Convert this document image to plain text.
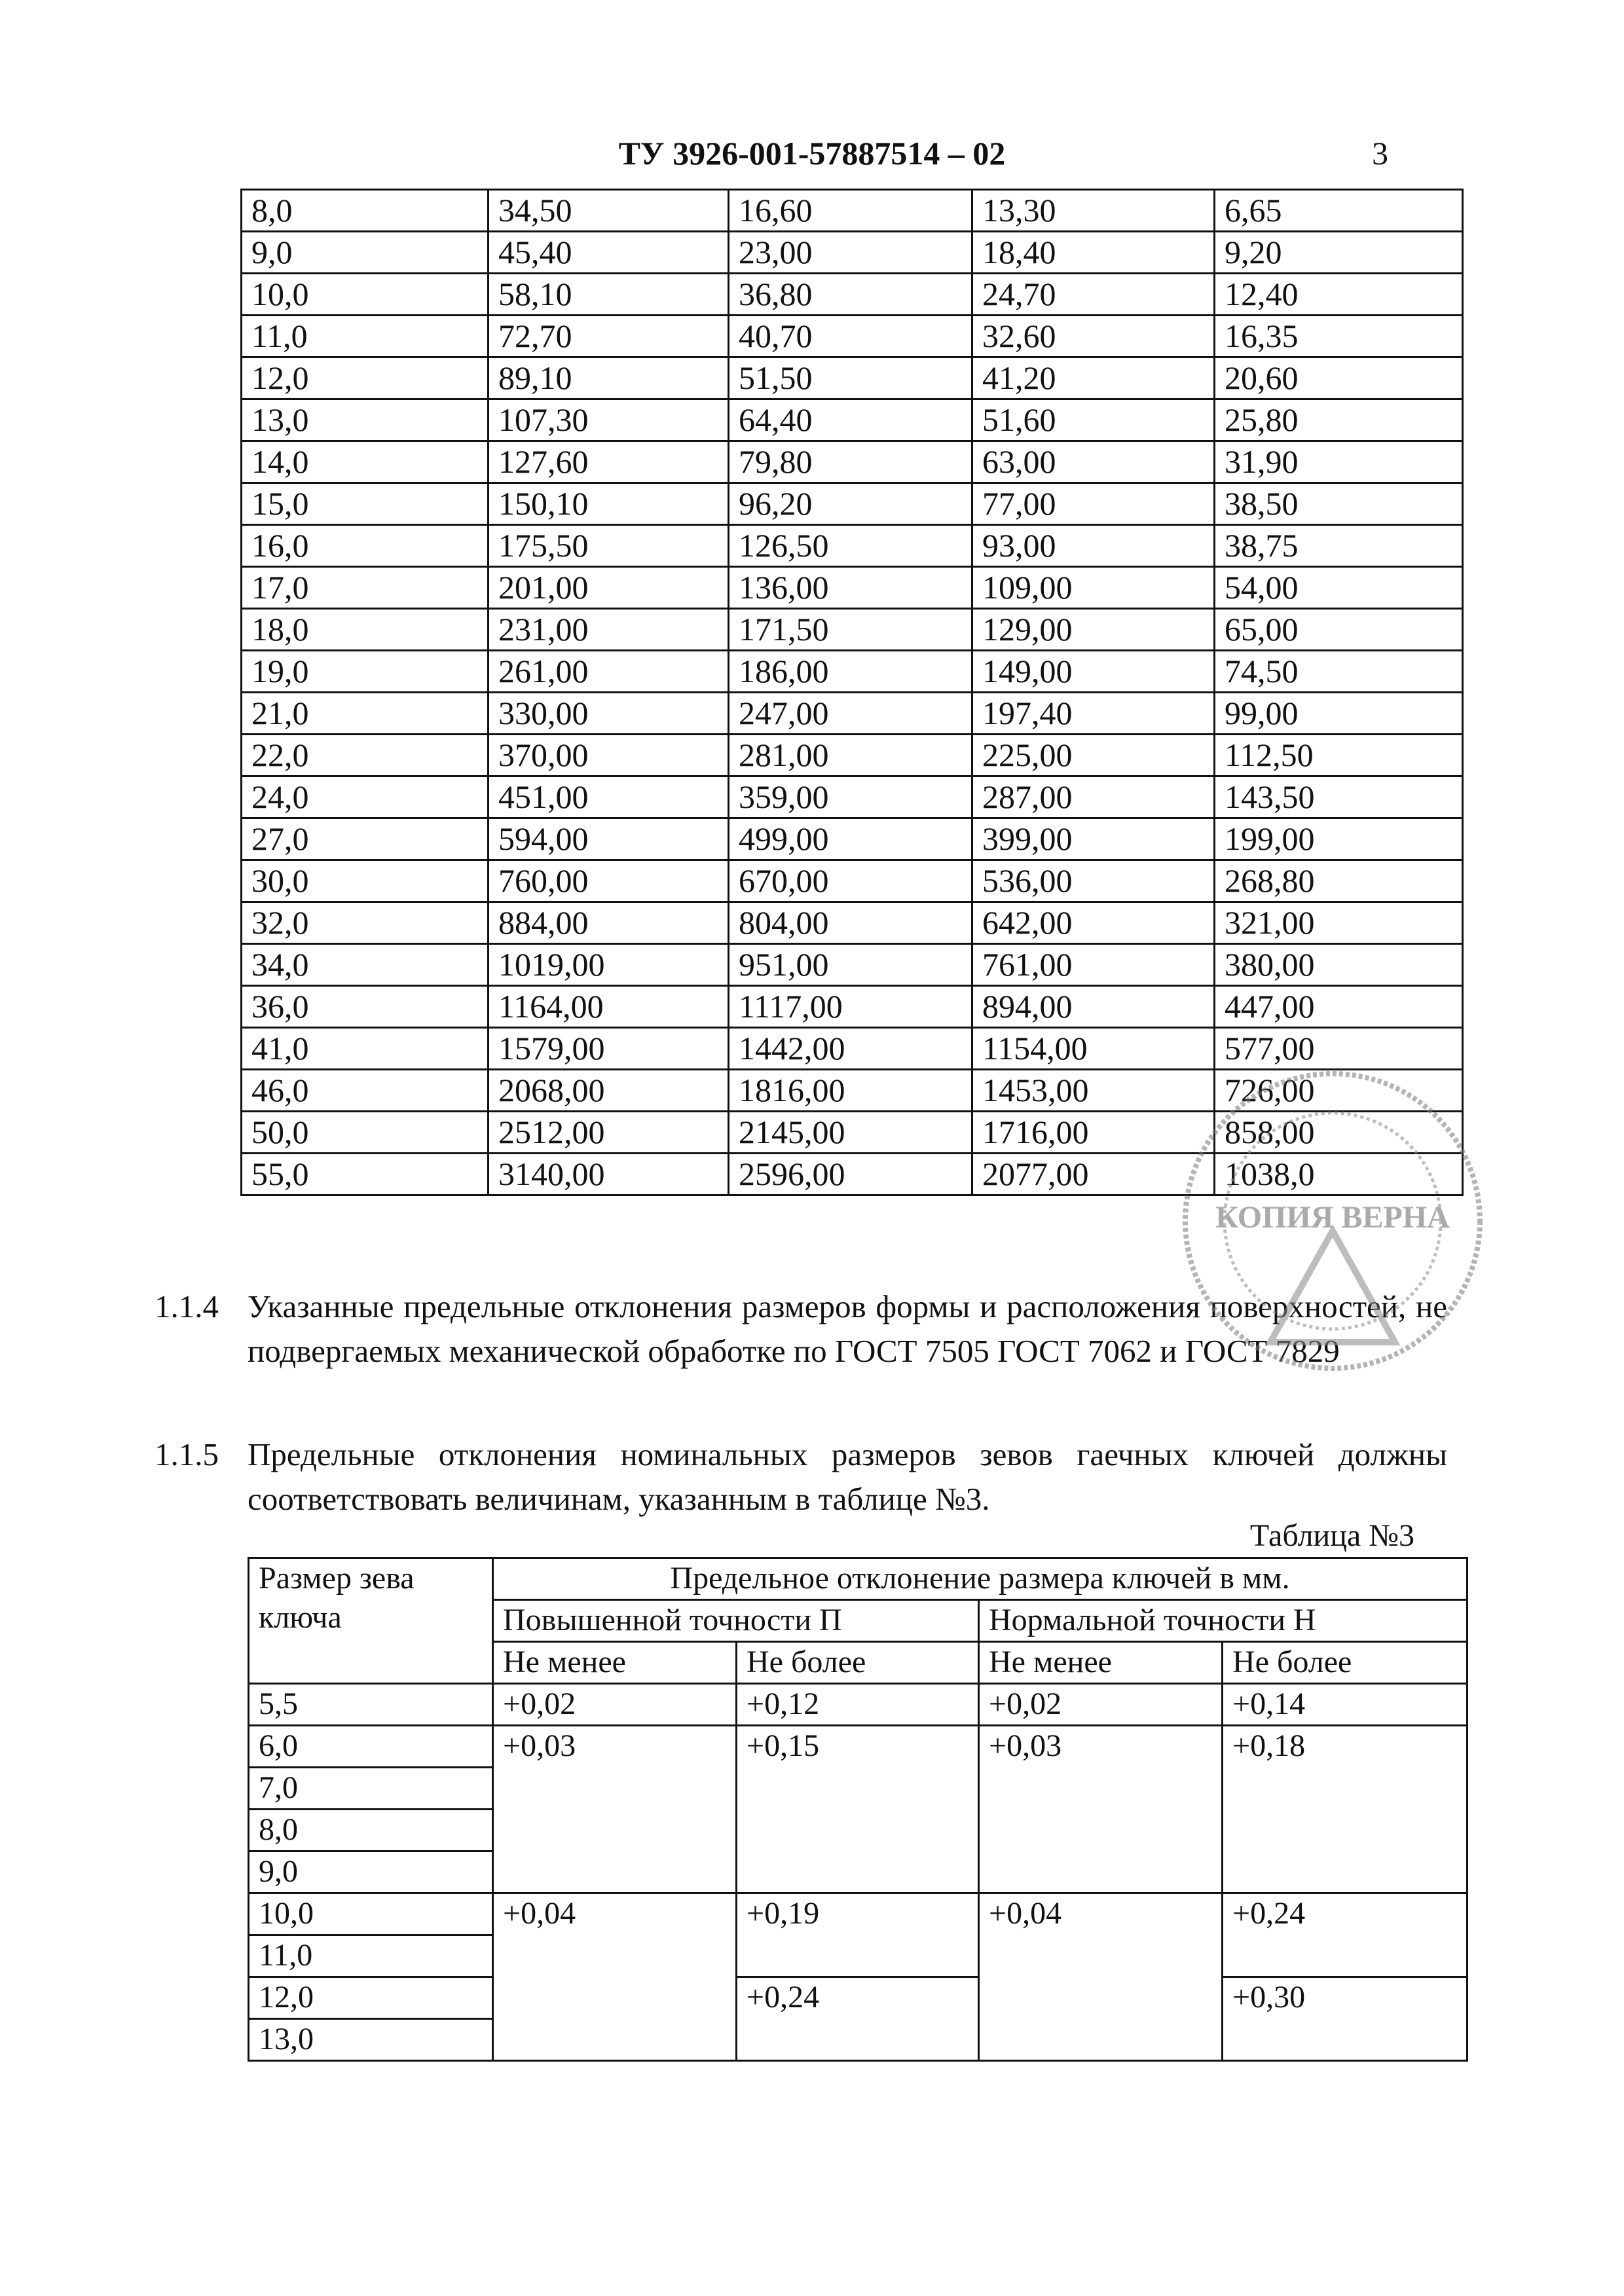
ТУ 3926-001-57887514 – 02	3
8,0	34,50	16,60	13,30	6,65
9,0	45,40	23,00	18,40	9,20
10,0	58,10	36,80	24,70	12,40
11,0	72,70	40,70	32,60	16,35
12,0	89,10	51,50	41,20	20,60
13,0	107,30	64,40	51,60	25,80
14,0	127,60	79,80	63,00	31,90
15,0	150,10	96,20	77,00	38,50
16,0	175,50	126,50	93,00	38,75
17,0	201,00	136,00	109,00	54,00
18,0	231,00	171,50	129,00	65,00
19,0	261,00	186,00	149,00	74,50
21,0	330,00	247,00	197,40	99,00
22,0	370,00	281,00	225,00	112,50
24,0	451,00	359,00	287,00	143,50
27,0	594,00	499,00	399,00	199,00
30,0	760,00	670,00	536,00	268,80
32,0	884,00	804,00	642,00	321,00
34,0	1019,00	951,00	761,00	380,00
36,0	1164,00	1117,00	894,00	447,00
41,0	1579,00	1442,00	1154,00	577,00
46,0	2068,00	1816,00	1453,00	726,00
50,0	2512,00	2145,00	1716,00	858,00
55,0	3140,00	2596,00	2077,00	1038,0
1.1.4 Указанные предельные отклонения размеров формы и расположения поверхностей, не подвергаемых механической обработке по ГОСТ 7505 ГОСТ 7062 и ГОСТ 7829
1.1.5 Предельные отклонения номинальных размеров зевов гаечных ключей должны соответствовать величинам, указанным в таблице №3.
Таблица №3
Размер зева ключа	Предельное отклонение размера ключей в мм.			
	Повышенной точности П		Нормальной точности Н	
	Не менее	Не более	Не менее	Не более
5,5	+0,02	+0,12	+0,02	+0,14
6,0	+0,03	+0,15	+0,03	+0,18
7,0				
8,0				
9,0				
10,0	+0,04	+0,19	+0,04	+0,24
11,0				
12,0		+0,24		+0,30
13,0				
КОПИЯ ВЕРНА
